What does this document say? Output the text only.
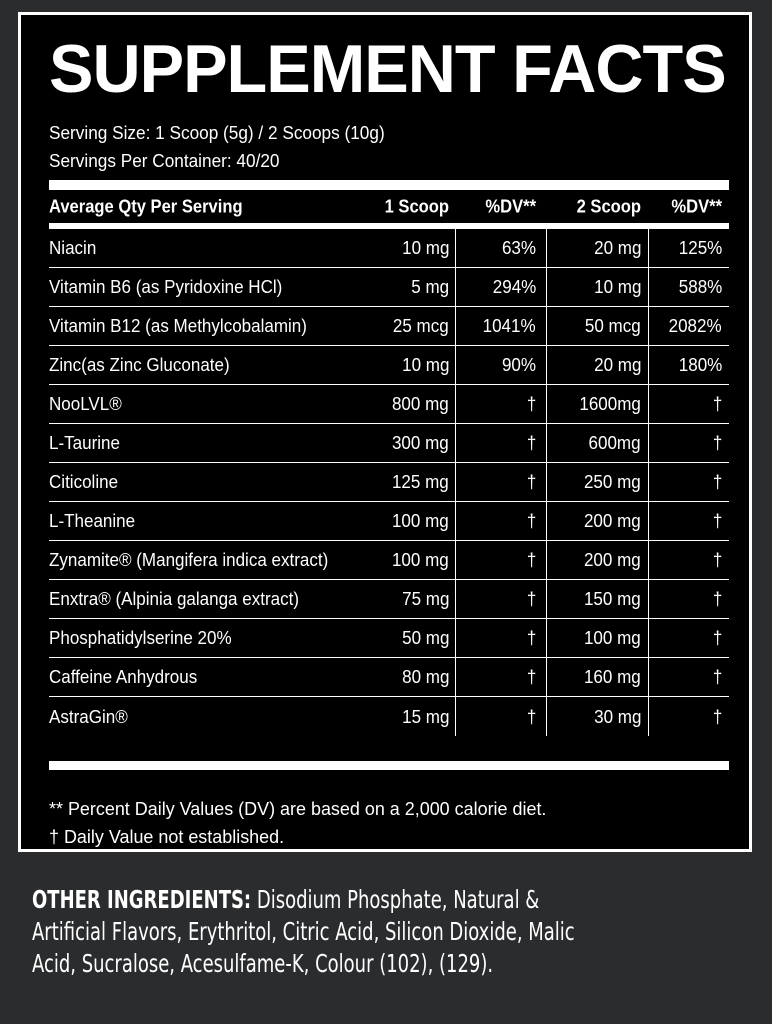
SUPPLEMENT FACTS
Serving Size: 1 Scoop (5g) / 2 Scoops (10g)
Servings Per Container: 40/20
Average Qty Per Serving	1 Scoop %DV** 2 Scoop %DV**
Niacin	10 mg	63%	20 mg 125%
Vitamin B6 (as Pyridoxine HCl)	5 mg 294%	10 mg 588%
Vitamin B12 (as Methylcobalamin)	25 mcg 1041%	50 mcg 2082%
Zinc(as Zinc Gluconate)	10 mg	90%	20 mg 180%
NooLVL®	800 mg	† 1600mg	†
L-Taurine	300 mg	†	600mg	†
Citicoline	125 mg	†	250 mg	†
L-Theanine	100 mg	†	200 mg	†
Zynamite® (Mangifera indica extract)	100 mg	†	200 mg	†
Enxtra® (Alpinia galanga extract)	75 mg	†	150 mg	†
Phosphatidylserine 20%	50 mg	†	100 mg	†
Caffeine Anhydrous	80 mg	†	160 mg	†
AstraGin®	15 mg	†	30 mg	†
** Percent Daily Values (DV) are based on a 2,000 calorie diet.
† Daily Value not established.
OTHER INGREDIENTS: Disodium Phosphate, Natural & Artificial Flavors, Erythritol, Citric Acid, Silicon Dioxide, Malic Acid, Sucralose, Acesulfame-K, Colour (102), (129).
